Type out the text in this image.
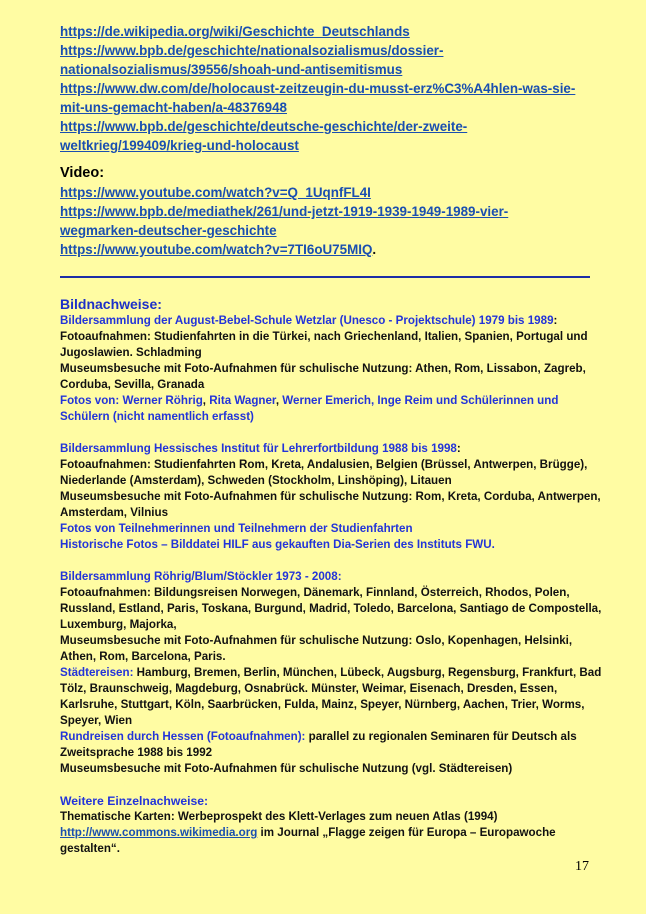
https://de.wikipedia.org/wiki/Geschichte_Deutschlands
https://www.bpb.de/geschichte/nationalsozialismus/dossier-
nationalsozialismus/39556/shoah-und-antisemitismus
https://www.dw.com/de/holocaust-zeitzeugin-du-musst-erz%C3%A4hlen-was-sie-
mit-uns-gemacht-haben/a-48376948
https://www.bpb.de/geschichte/deutsche-geschichte/der-zweite-
weltkrieg/199409/krieg-und-holocaust
Video:
https://www.youtube.com/watch?v=Q_1UqnfFL4I
https://www.bpb.de/mediathek/261/und-jetzt-1919-1939-1949-1989-vier-
wegmarken-deutscher-geschichte
https://www.youtube.com/watch?v=7TI6oU75MIQ.
Bildnachweise:
Bildersammlung der August-Bebel-Schule Wetzlar (Unesco - Projektschule) 1979 bis 1989:
Fotoaufnahmen: Studienfahrten in die Türkei, nach Griechenland, Italien, Spanien, Portugal und
Jugoslawien. Schladming
Museumsbesuche mit Foto-Aufnahmen für schulische Nutzung: Athen, Rom, Lissabon, Zagreb,
Corduba, Sevilla, Granada
Fotos von: Werner Röhrig, Rita Wagner, Werner Emerich, Inge Reim und Schülerinnen und
Schülern (nicht namentlich erfasst)
Bildersammlung Hessisches Institut für Lehrerfortbildung 1988 bis 1998:
Fotoaufnahmen: Studienfahrten Rom, Kreta, Andalusien, Belgien (Brüssel, Antwerpen, Brügge),
Niederlande (Amsterdam), Schweden (Stockholm, Linshöping), Litauen
Museumsbesuche mit Foto-Aufnahmen für schulische Nutzung: Rom, Kreta, Corduba, Antwerpen,
Amsterdam, Vilnius
Fotos von Teilnehmerinnen und Teilnehmern der Studienfahrten
Historische Fotos – Bilddatei HILF aus gekauften Dia-Serien des Instituts FWU.
Bildersammlung Röhrig/Blum/Stöckler 1973 - 2008:
Fotoaufnahmen: Bildungsreisen Norwegen, Dänemark, Finnland, Österreich, Rhodos, Polen,
Russland, Estland, Paris, Toskana, Burgund, Madrid, Toledo, Barcelona, Santiago de Compostella,
Luxemburg, Majorka,
Museumsbesuche mit Foto-Aufnahmen für schulische Nutzung: Oslo, Kopenhagen, Helsinki,
Athen, Rom, Barcelona, Paris.
Städtereisen: Hamburg, Bremen, Berlin, München, Lübeck, Augsburg, Regensburg, Frankfurt, Bad
Tölz, Braunschweig, Magdeburg, Osnabrück. Münster, Weimar, Eisenach, Dresden, Essen,
Karlsruhe, Stuttgart, Köln, Saarbrücken, Fulda, Mainz, Speyer, Nürnberg, Aachen, Trier, Worms,
Speyer, Wien
Rundreisen durch Hessen (Fotoaufnahmen): parallel zu regionalen Seminaren für Deutsch als
Zweitsprache 1988 bis 1992
Museumsbesuche mit Foto-Aufnahmen für schulische Nutzung (vgl. Städtereisen)
Weitere Einzelnachweise:
Thematische Karten: Werbeprospekt des Klett-Verlages zum neuen Atlas (1994)
http://www.commons.wikimedia.org im Journal „Flagge zeigen für Europa – Europawoche
gestalten“.
17
